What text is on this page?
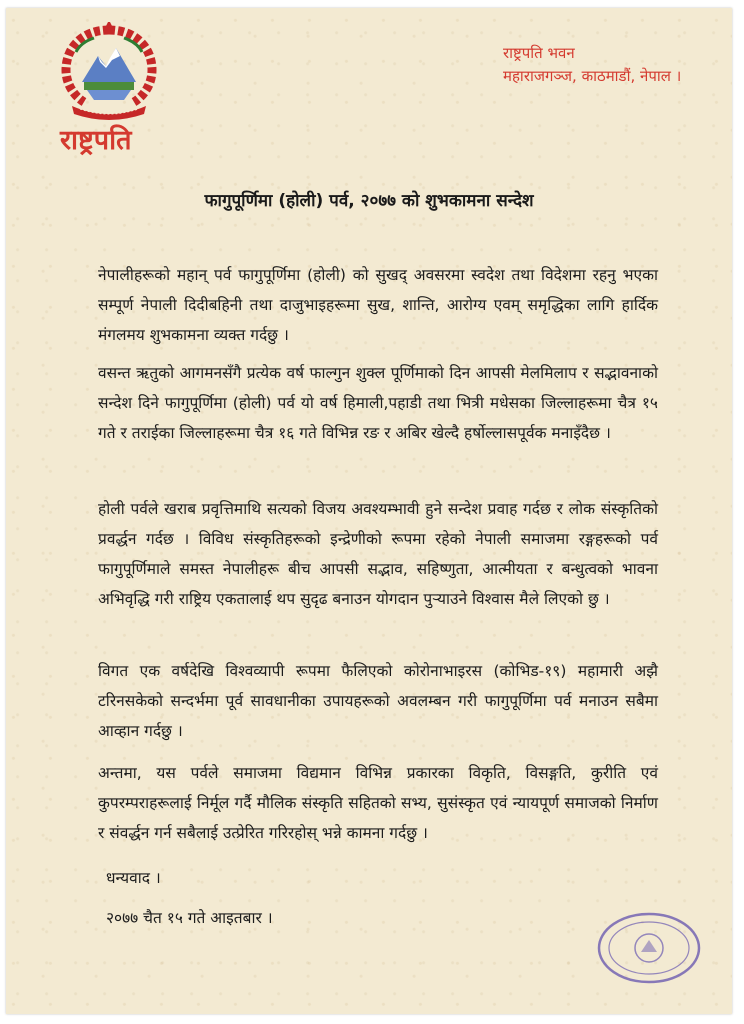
राष्ट्रपति
राष्ट्रपति भवन
महाराजगञ्ज, काठमाडौं, नेपाल ।
फागुपूर्णिमा (होली) पर्व, २०७७ को शुभकामना सन्देश
नेपालीहरूको महान् पर्व फागुपूर्णिमा (होली) को सुखद् अवसरमा स्वदेश तथा विदेशमा रहनु भएका सम्पूर्ण नेपाली दिदीबहिनी तथा दाजुभाइहरूमा सुख, शान्ति, आरोग्य एवम् समृद्धिका लागि हार्दिक मंगलमय शुभकामना व्यक्त गर्दछु ।
वसन्त ऋतुको आगमनसँगै प्रत्येक वर्ष फाल्गुन शुक्ल पूर्णिमाको दिन आपसी मेलमिलाप र सद्भावनाको सन्देश दिने फागुपूर्णिमा (होली) पर्व यो वर्ष हिमाली,पहाडी तथा भित्री मधेसका जिल्लाहरूमा चैत्र १५ गते र तराईका जिल्लाहरूमा चैत्र १६ गते विभिन्न रङ र अबिर खेल्दै हर्षोल्लासपूर्वक मनाइँदैछ ।
होली पर्वले खराब प्रवृत्तिमाथि सत्यको विजय अवश्यम्भावी हुने सन्देश प्रवाह गर्दछ र लोक संस्कृतिको प्रवर्द्धन गर्दछ । विविध संस्कृतिहरूको इन्द्रेणीको रूपमा रहेको नेपाली समाजमा रङ्गहरूको पर्व फागुपूर्णिमाले समस्त नेपालीहरू बीच आपसी सद्भाव, सहिष्णुता, आत्मीयता र बन्धुत्वको भावना अभिवृद्धि गरी राष्ट्रिय एकतालाई थप सुदृढ बनाउन योगदान पुऱ्याउने विश्वास मैले लिएको छु ।
विगत एक वर्षदेखि विश्वव्यापी रूपमा फैलिएको कोरोनाभाइरस (कोभिड-१९) महामारी अझै टरिनसकेको सन्दर्भमा पूर्व सावधानीका उपायहरूको अवलम्बन गरी फागुपूर्णिमा पर्व मनाउन सबैमा आव्हान गर्दछु ।
अन्तमा, यस पर्वले समाजमा विद्यमान विभिन्न प्रकारका विकृति, विसङ्गति, कुरीति एवं कुपरम्पराहरूलाई निर्मूल गर्दै मौलिक संस्कृति सहितको सभ्य, सुसंस्कृत एवं न्यायपूर्ण समाजको निर्माण र संवर्द्धन गर्न सबैलाई उत्प्रेरित गरिरहोस् भन्ने कामना गर्दछु ।
धन्यवाद ।
२०७७ चैत १५ गते आइतबार ।
